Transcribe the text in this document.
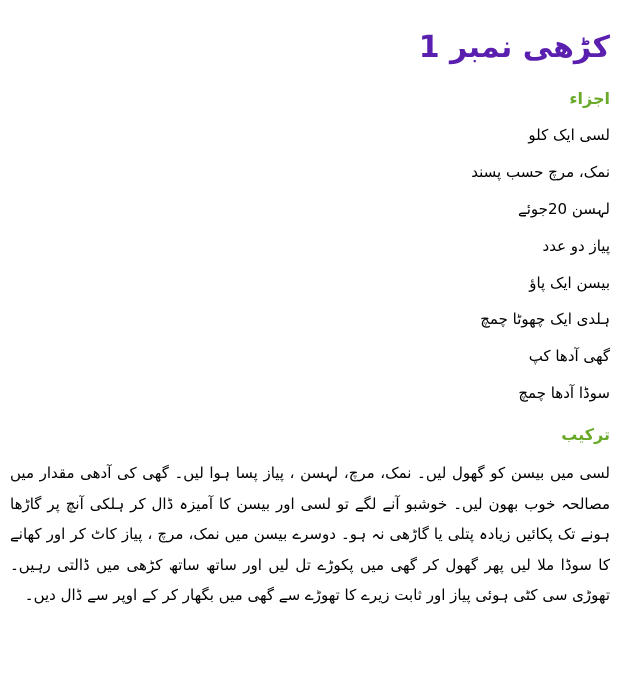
کڑھی نمبر 1
اجزاء
لسی ایک کلو
نمک، مرچ حسب پسند
لہسن 20جوئے
پیاز دو عدد
بیسن ایک پاؤ
ہلدی ایک چھوٹا چمچ
گھی آدھا کپ
سوڈا آدھا چمچ
ترکیب

لسی میں بیسن کو گھول لیں۔ نمک، مرچ، لہسن ، پیاز پسا ہوا لیں۔ گھی کی آدھی مقدار میں مصالحہ خوب بھون لیں۔ خوشبو آنے لگے تو لسی اور بیسن کا آمیزہ ڈال کر ہلکی آنچ پر گاڑھا ہونے تک پکائیں زیادہ پتلی یا گاڑھی نہ ہو۔ دوسرے بیسن میں نمک، مرچ ، پیاز کاٹ کر اور کھانے کا سوڈا ملا لیں پھر گھول کر گھی میں پکوڑے تل لیں اور ساتھ ساتھ کڑھی میں ڈالتی رہیں۔ تھوڑی سی کٹی ہوئی پیاز اور ثابت زیرے کا تھوڑے سے گھی میں بگھار کر کے اوپر سے ڈال دیں۔
